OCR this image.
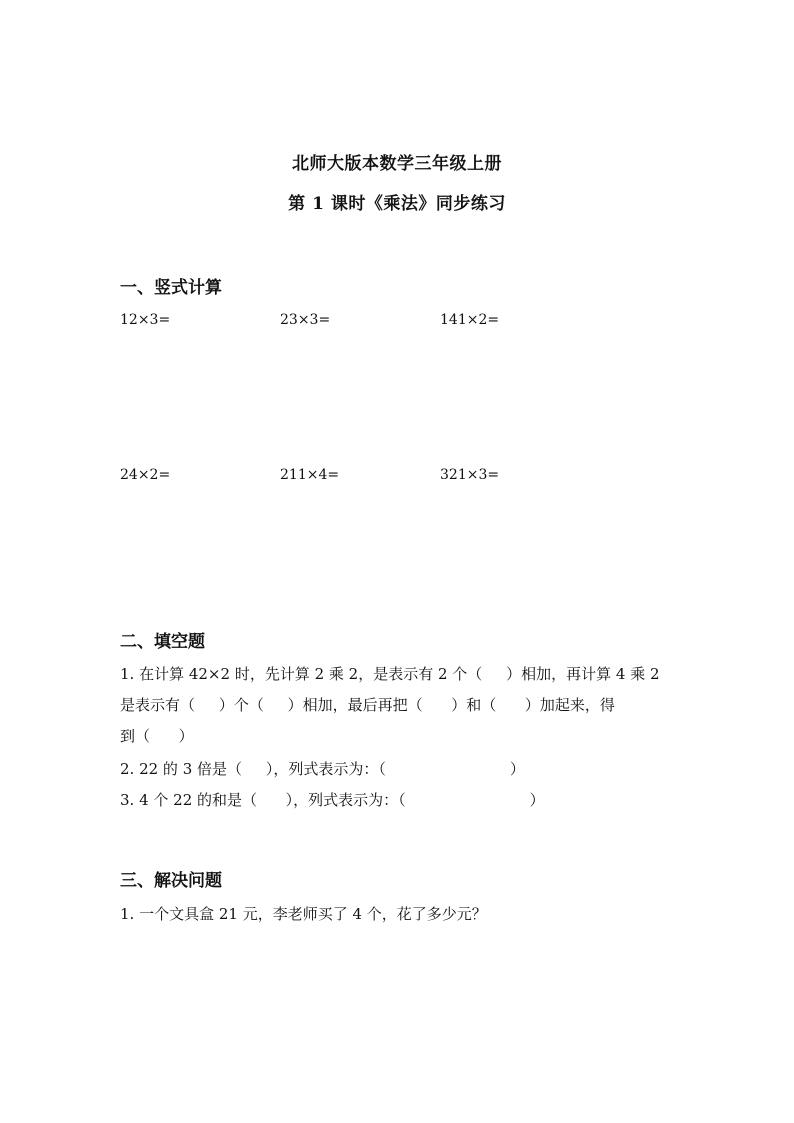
北师大版本数学三年级上册
第 1 课时《乘法》同步练习
一、竖式计算
12×3=	23×3=	141×2=
24×2=	211×4=	321×3=
二、填空题
1. 在计算 42×2 时，先计算 2 乘 2，是表示有 2 个（     ）相加，再计算 4 乘 2
是表示有（     ）个（     ）相加，最后再把（      ）和（      ）加起来，得
到（      ）
2. 22 的 3 倍是（     ），列式表示为：（                          ）
3. 4 个 22 的和是（      ），列式表示为：（                          ）
三、解决问题
1. 一个文具盒 21 元，李老师买了 4 个，花了多少元？
